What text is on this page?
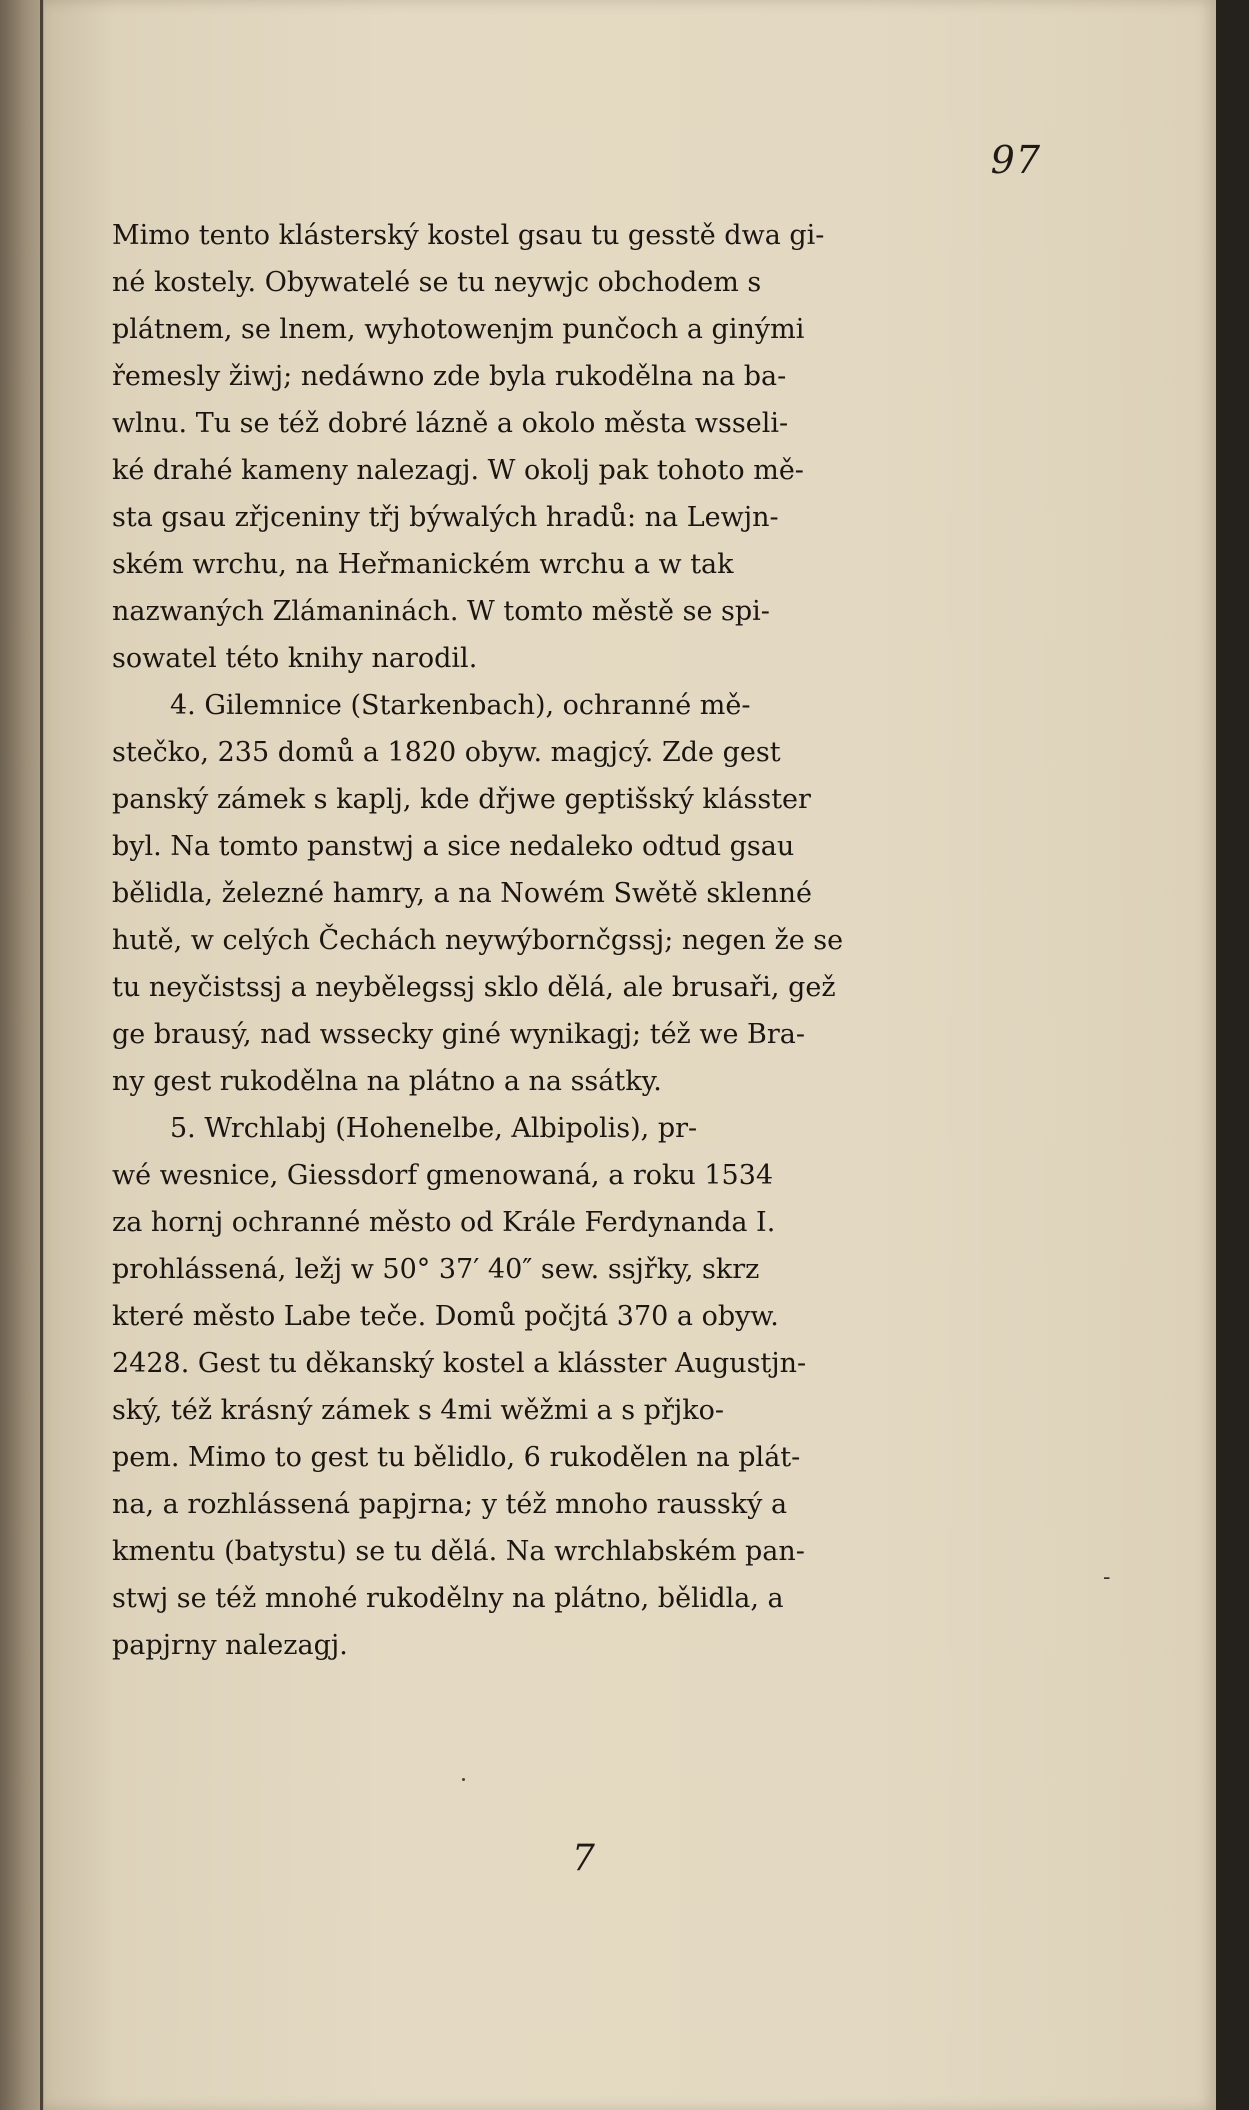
97
Mimo tento klásterský kostel gsau tu gesstě dwa gi-
né kostely. Obywatelé se tu neywjc obchodem s
plátnem, se lnem, wyhotowenjm punčoch a ginými
řemesly žiwj; nedáwno zde byla rukodělna na ba-
wlnu. Tu se též dobré lázně a okolo města wsseli-
ké drahé kameny nalezagj. W okolj pak tohoto mě-
sta gsau zřjceniny třj býwalých hradů: na Lewjn-
ském wrchu, na Heřmanickém wrchu a w tak
nazwaných Zlámaninách. W tomto městě se spi-
sowatel této knihy narodil.
4. Gilemnice (Starkenbach), ochranné mě-
stečko, 235 domů a 1820 obyw. magjcý. Zde gest
panský zámek s kaplj, kde dřjwe geptišský klásster
byl. Na tomto panstwj a sice nedaleko odtud gsau
bělidla, železné hamry, a na Nowém Swětě sklenné
hutě, w celých Čechách neywýbornčgssj; negen že se
tu neyčistssj a neybělegssj sklo dělá, ale brusaři, gež
ge brausý, nad wssecky giné wynikagj; též we Bra-
ny gest rukodělna na plátno a na ssátky.
5. Wrchlabj (Hohenelbe, Albipolis), pr-
wé wesnice, Giessdorf gmenowaná, a roku 1534
za hornj ochranné město od Krále Ferdynanda I.
prohlássená, ležj w 50° 37′ 40″ sew. ssjřky, skrz
které město Labe teče. Domů počjtá 370 a obyw.
2428. Gest tu děkanský kostel a klásster Augustjn-
ský, též krásný zámek s 4mi wěžmi a s přjko-
pem. Mimo to gest tu bělidlo, 6 rukodělen na plát-
na, a rozhlássená papjrna; y též mnoho rausský a
kmentu (batystu) se tu dělá. Na wrchlabském pan-
stwj se též mnohé rukodělny na plátno, bělidla, a
papjrny nalezagj.
-
7
